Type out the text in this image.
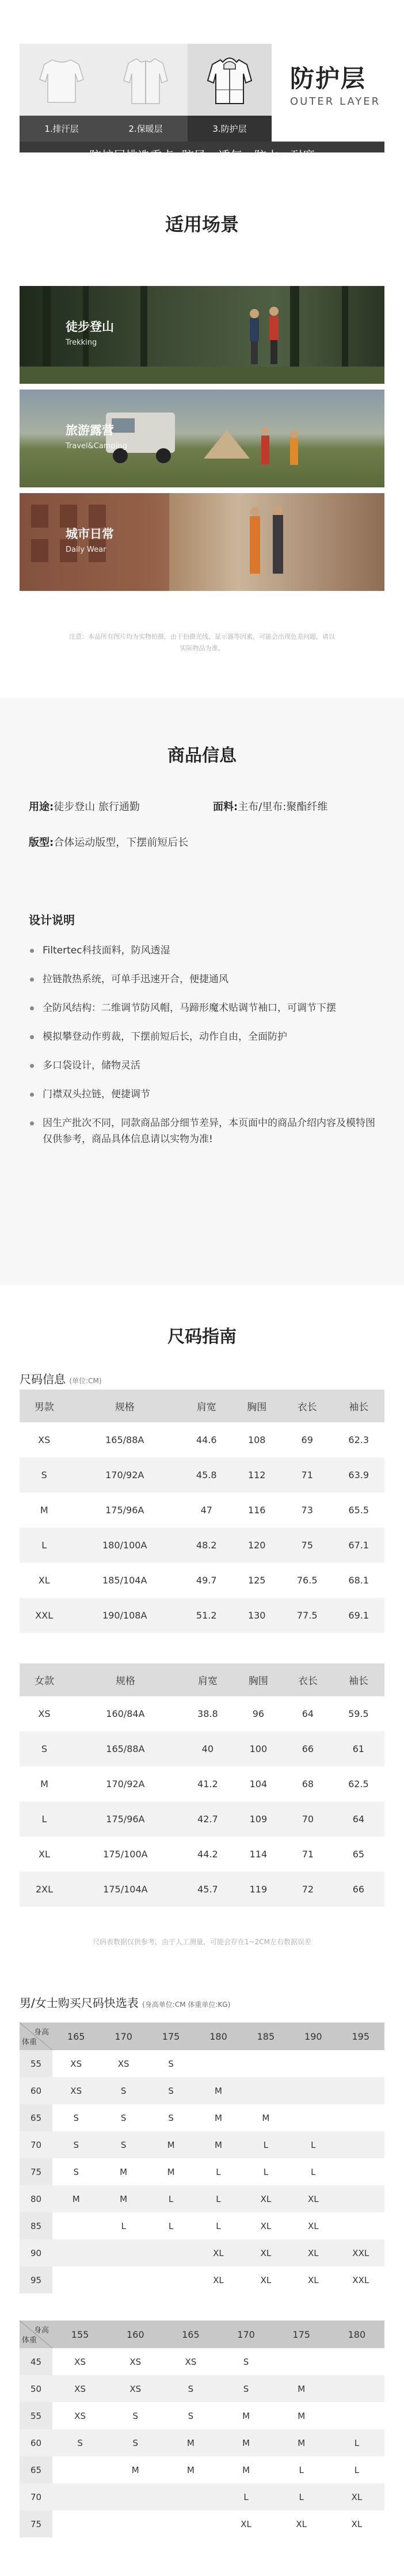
1.排汗层	2.保暖层	3.防护层
防护层
OUTER LAYER
适用场景
徒步登山
Trekking
旅游露营
Travel&Camping
城市日常
Daily Wear
注意：本品所有图片均为实物拍摄，由于拍摄光线、显示器等因素，可能会出现色差问题，请以实际物品为准。
商品信息
用途:徒步登山 旅行通勤	面料:主布/里布:聚酯纤维
版型:合体运动版型，下摆前短后长
设计说明
Filtertec科技面料，防风透湿
拉链散热系统，可单手迅速开合，便捷通风
全防风结构：二维调节防风帽，马蹄形魔术贴调节袖口，可调节下摆
模拟攀登动作剪裁，下摆前短后长，动作自由，全面防护
多口袋设计，储物灵活
门襟双头拉链，便捷调节
因生产批次不同，同款商品部分细节差异，本页面中的商品介绍内容及模特图仅供参考，商品具体信息请以实物为准!
尺码指南
尺码信息 (单位:CM)
男款	规格	肩宽	胸围	衣长	袖长
XS	165/88A	44.6	108	69	62.3
S	170/92A	45.8	112	71	63.9
M	175/96A	47	116	73	65.5
L	180/100A	48.2	120	75	67.1
XL	185/104A	49.7	125	76.5	68.1
XXL	190/108A	51.2	130	77.5	69.1
女款	规格	肩宽	胸围	衣长	袖长
XS	160/84A	38.8	96	64	59.5
S	165/88A	40	100	66	61
M	170/92A	41.2	104	68	62.5
L	175/96A	42.7	109	70	64
XL	175/100A	44.2	114	71	65
2XL	175/104A	45.7	119	72	66
尺码表数据仅供参考，由于人工测量，可能会存在1~2CM左右数据误差
男/女士购买尺码快选表 (身高单位:CM 体重单位:KG)
身高
体重	165	170	175	180	185	190	195
55	XS	XS	S				
60	XS	S	S	M			
65	S	S	S	M	M		
70	S	S	M	M	L	L	
75	S	M	M	L	L	L	
80	M	M	L	L	XL	XL	
85		L	L	L	XL	XL	
90				XL	XL	XL	XXL
95				XL	XL	XL	XXL
身高
体重	155	160	165	170	175	180
45	XS	XS	XS	S		
50	XS	XS	S	S	M	
55	XS	S	S	M	M	
60	S	S	M	M	M	L
65		M	M	M	L	L
70				L	L	XL
75				XL	XL	XL
